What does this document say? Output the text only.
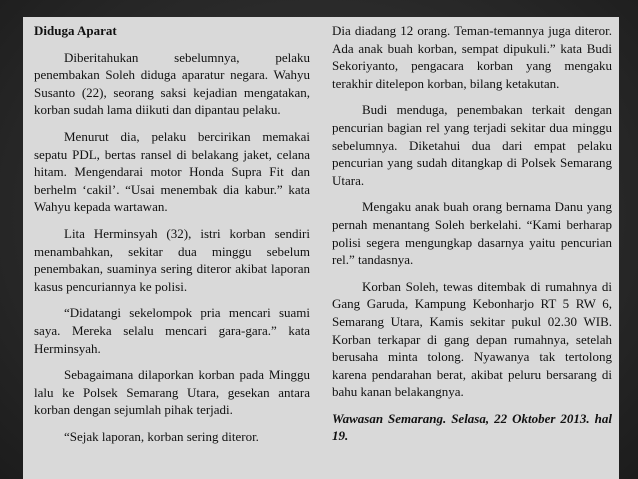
Diduga Aparat

Diberitahukan sebelumnya, pelaku penembakan Soleh diduga aparatur negara. Wahyu Susanto (22), seorang saksi kejadian mengatakan, korban sudah lama diikuti dan dipantau pelaku.

Menurut dia, pelaku bercirikan memakai sepatu PDL, bertas ransel di belakang jaket, celana hitam. Mengendarai motor Honda Supra Fit dan berhelm ‘cakil’. “Usai menembak dia kabur.” kata Wahyu kepada wartawan.

Lita Herminsyah (32), istri korban sendiri menambahkan, sekitar dua minggu sebelum penembakan, suaminya sering diteror akibat laporan kasus pencuriannya ke polisi.

“Didatangi sekelompok pria mencari suami saya. Mereka selalu mencari gara-gara.” kata Herminsyah.

Sebagaimana dilaporkan korban pada Minggu lalu ke Polsek Semarang Utara, gesekan antara korban dengan sejumlah pihak terjadi.

“Sejak laporan, korban sering diteror.

Dia diadang 12 orang. Teman-temannya juga diteror. Ada anak buah korban, sempat dipukuli.” kata Budi Sekoriyanto, pengacara korban yang mengaku terakhir ditelepon korban, bilang ketakutan.

Budi menduga, penembakan terkait dengan pencurian bagian rel yang terjadi sekitar dua minggu sebelumnya. Diketahui dua dari empat pelaku pencurian yang sudah ditangkap di Polsek Semarang Utara.

Mengaku anak buah orang bernama Danu yang pernah menantang Soleh berkelahi. “Kami berharap polisi segera mengungkap dasarnya yaitu pencurian rel.” tandasnya.

Korban Soleh, tewas ditembak di rumahnya di Gang Garuda, Kampung Kebonharjo RT 5 RW 6, Semarang Utara, Kamis sekitar pukul 02.30 WIB. Korban terkapar di gang depan rumahnya, setelah berusaha minta tolong. Nyawanya tak tertolong karena pendarahan berat, akibat peluru bersarang di bahu kanan belakangnya.

Wawasan Semarang. Selasa, 22 Oktober 2013. hal 19.
